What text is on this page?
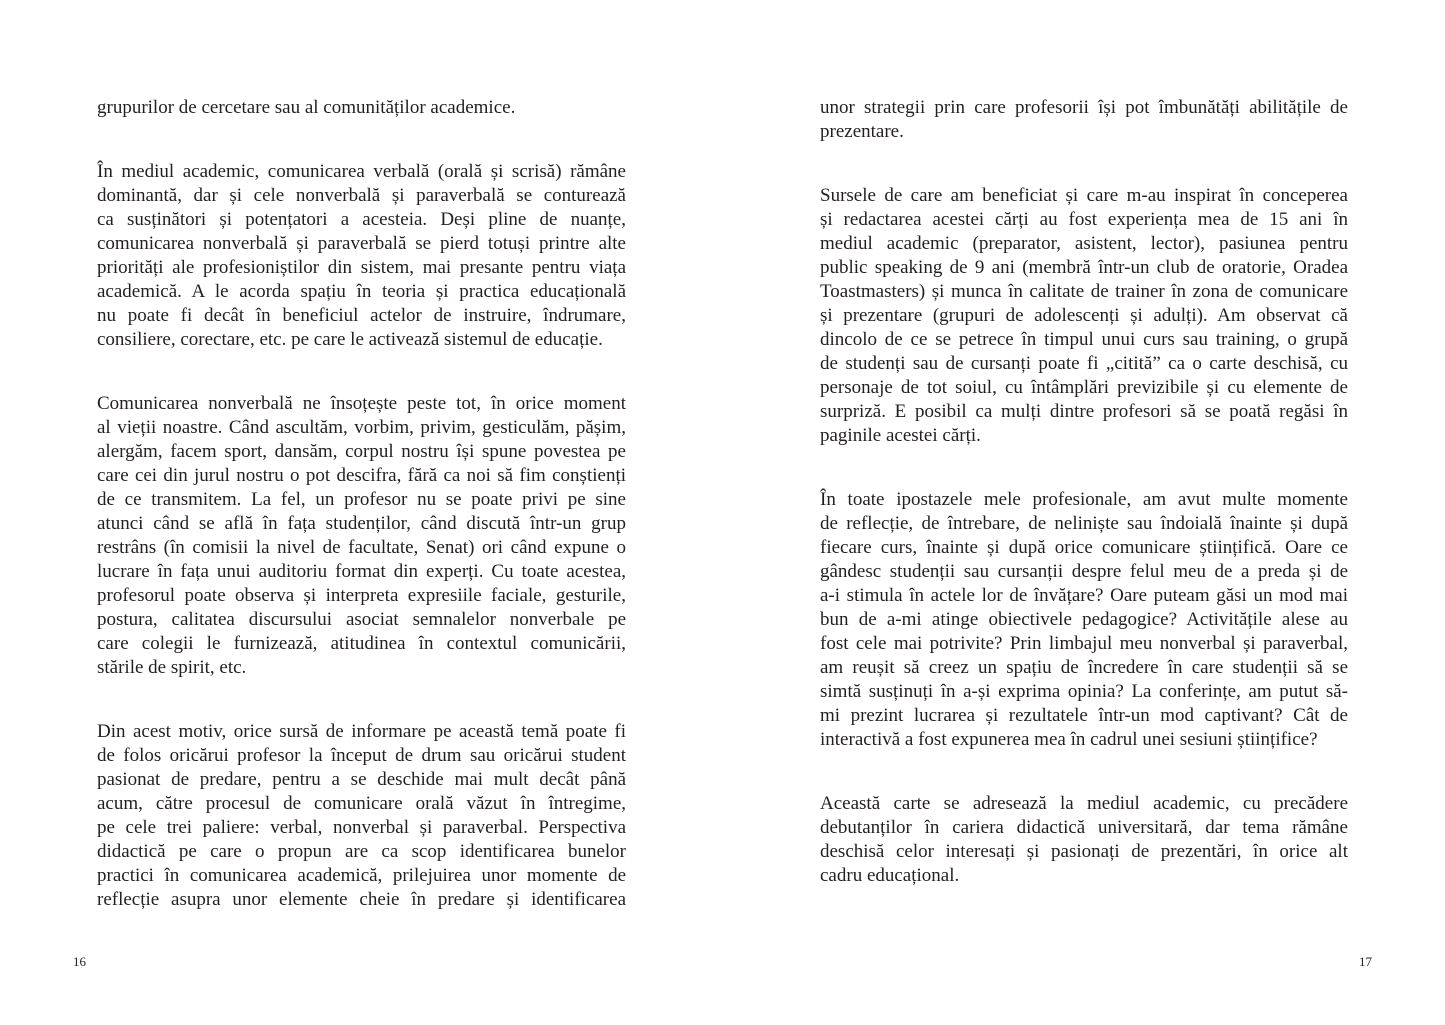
grupurilor de cercetare sau al comunităților academice.
În mediul academic, comunicarea verbală (orală și scrisă) rămâne
dominantă, dar și cele nonverbală și paraverbală se conturează
ca susținători și potențatori a acesteia. Deși pline de nuanțe,
comunicarea nonverbală și paraverbală se pierd totuși printre alte
priorități ale profesioniștilor din sistem, mai presante pentru viața
academică. A le acorda spațiu în teoria și practica educațională
nu poate fi decât în beneficiul actelor de instruire, îndrumare,
consiliere, corectare, etc. pe care le activează sistemul de educație.
Comunicarea nonverbală ne însoțește peste tot, în orice moment
al vieții noastre. Când ascultăm, vorbim, privim, gesticulăm, pășim,
alergăm, facem sport, dansăm, corpul nostru își spune povestea pe
care cei din jurul nostru o pot descifra, fără ca noi să fim conștienți
de ce transmitem. La fel, un profesor nu se poate privi pe sine
atunci când se află în fața studenților, când discută într-un grup
restrâns (în comisii la nivel de facultate, Senat) ori când expune o
lucrare în fața unui auditoriu format din experți. Cu toate acestea,
profesorul poate observa și interpreta expresiile faciale, gesturile,
postura, calitatea discursului asociat semnalelor nonverbale pe
care colegii le furnizează, atitudinea în contextul comunicării,
stările de spirit, etc.
Din acest motiv, orice sursă de informare pe această temă poate fi
de folos oricărui profesor la început de drum sau oricărui student
pasionat de predare, pentru a se deschide mai mult decât până
acum, către procesul de comunicare orală văzut în întregime,
pe cele trei paliere: verbal, nonverbal și paraverbal. Perspectiva
didactică pe care o propun are ca scop identificarea bunelor
practici în comunicarea academică, prilejuirea unor momente de
reflecție asupra unor elemente cheie în predare și identificarea
16
unor strategii prin care profesorii își pot îmbunătăți abilitățile de
prezentare.
Sursele de care am beneficiat și care m-au inspirat în conceperea
și redactarea acestei cărți au fost experiența mea de 15 ani în
mediul academic (preparator, asistent, lector), pasiunea pentru
public speaking de 9 ani (membră într-un club de oratorie, Oradea
Toastmasters) și munca în calitate de trainer în zona de comunicare
și prezentare (grupuri de adolescenți și adulți). Am observat că
dincolo de ce se petrece în timpul unui curs sau training, o grupă
de studenți sau de cursanți poate fi „citită” ca o carte deschisă, cu
personaje de tot soiul, cu întâmplări previzibile și cu elemente de
surpriză. E posibil ca mulți dintre profesori să se poată regăsi în
paginile acestei cărți.
În toate ipostazele mele profesionale, am avut multe momente
de reflecție, de întrebare, de neliniște sau îndoială înainte și după
fiecare curs, înainte și după orice comunicare științifică. Oare ce
gândesc studenții sau cursanții despre felul meu de a preda și de
a-i stimula în actele lor de învățare? Oare puteam găsi un mod mai
bun de a-mi atinge obiectivele pedagogice? Activitățile alese au
fost cele mai potrivite? Prin limbajul meu nonverbal și paraverbal,
am reușit să creez un spațiu de încredere în care studenții să se
simtă susținuți în a-și exprima opinia? La conferințe, am putut să-
mi prezint lucrarea și rezultatele într-un mod captivant? Cât de
interactivă a fost expunerea mea în cadrul unei sesiuni științifice?
Această carte se adresează la mediul academic, cu precădere
debutanților în cariera didactică universitară, dar tema rămâne
deschisă celor interesați și pasionați de prezentări, în orice alt
cadru educațional.
17
